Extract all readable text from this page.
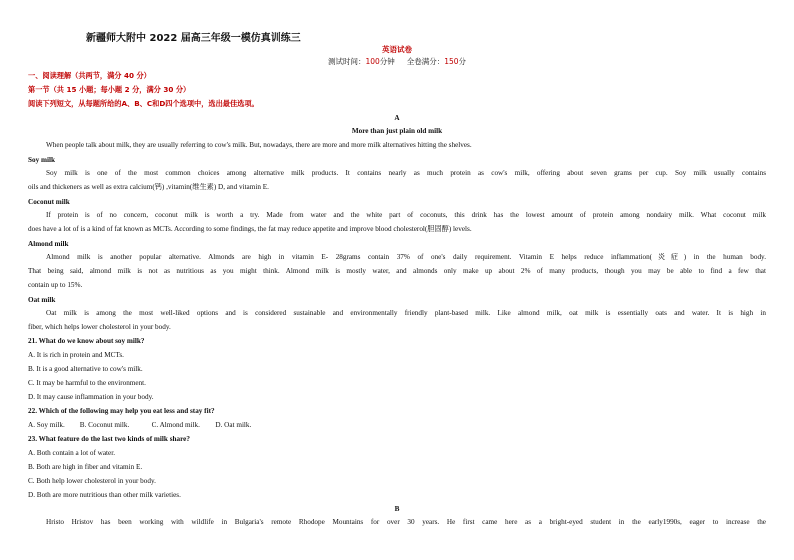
新疆师大附中 2022 届高三年级一模仿真训练三
英语试卷
测试时间：100分钟 全卷满分：150分
一、阅读理解（共两节，满分 40 分）
第一节（共 15 小题；每小题 2 分，满分 30 分）
阅读下列短文，从每题所给的A、B、C和D四个选项中，选出最佳选项。
A
More than just plain old milk
When people talk about milk, they are usually referring to cow's milk. But, nowadays, there are more and more milk alternatives hitting the shelves.
Soy milk
Soy milk is one of the most common choices among alternative milk products. It contains nearly as much protein as cow's milk, offering about seven grams per cup. Soy milk usually contains
oils and thickeners as well as extra calcium(钙) ,vitamin(维生素) D, and vitamin E.
Coconut milk
If protein is of no concern, coconut milk is worth a try. Made from water and the white part of coconuts, this drink has the lowest amount of protein among nondairy milk. What coconut milk
does have a lot of is a kind of fat known as MCTs. According to some findings, the fat may reduce appetite and improve blood cholesterol(胆固醇) levels.
Almond milk
Almond milk is another popular alternative. Almonds are high in vitamin E- 28grams contain 37% of one's daily requirement. Vitamin E helps reduce inflammation(炎症) in the human body.
That being said, almond milk is not as nutritious as you might think. Almond milk is mostly water, and almonds only make up about 2% of many products, though you may be able to find a few that
contain up to 15%.
Oat milk
Oat milk is among the most well-liked options and is considered sustainable and environmentally friendly plant-based milk. Like almond milk, oat milk is essentially oats and water. It is high in
fiber, which helps lower cholesterol in your body.
21. What do we know about soy milk?
A. It is rich in protein and MCTs.
B. It is a good alternative to cow's milk.
C. It may be harmful to the environment.
D. It may cause inflammation in your body.
22. Which of the following may help you eat less and stay fit?
A. Soy milk. B. Coconut milk.	C. Almond milk. D. Oat milk.
23. What feature do the last two kinds of milk share?
A. Both contain a lot of water.
B. Both are high in fiber and vitamin E.
C. Both help lower cholesterol in your body.
D. Both are more nutritious than other milk varieties.
B
Hristo Hristov has been working with wildlife in Bulgaria's remote Rhodope Mountains for over 30 years. He first came here as a bright-eyed student in the early1990s, eager to increase the
